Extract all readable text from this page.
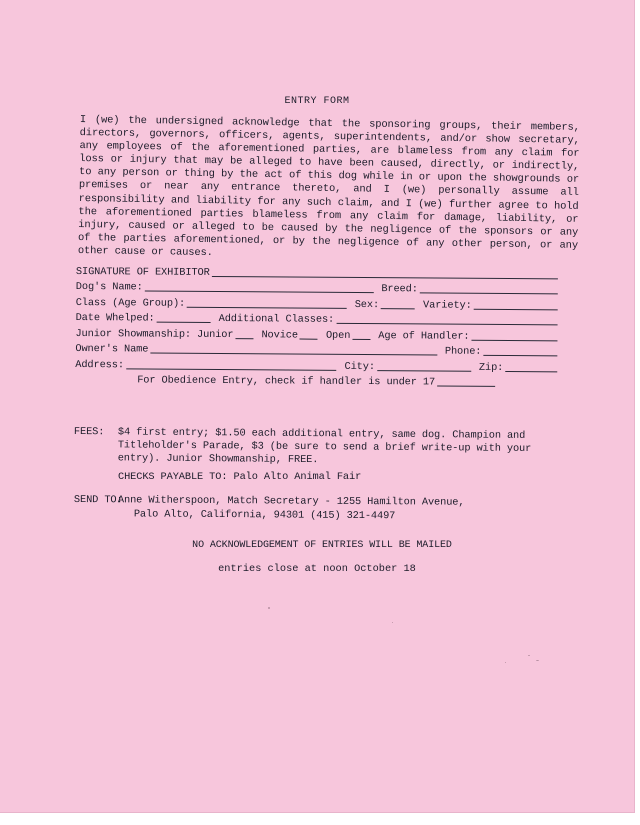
ENTRY FORM
I (we) the undersigned acknowledge that the sponsoring groups, their members, directors, governors, officers, agents, superintendents, and/or show secretary, any employees of the aforementioned parties, are blameless from any claim for loss or injury that may be alleged to have been caused, directly, or indirectly, to any person or thing by the act of this dog while in or upon the showgrounds or premises or near any entrance thereto, and I (we) personally assume all responsibility and liability for any such claim, and I (we) further agree to hold the aforementioned parties blameless from any claim for damage, liability, or injury, caused or alleged to be caused by the negligence of the sponsors or any of the parties aforementioned, or by the negligence of any other person, or any other cause or causes.
SIGNATURE OF EXHIBITOR
Dog's Name:	Breed:
Class (Age Group):	Sex:	Variety:
Date Whelped:	Additional Classes:
Junior Showmanship: Junior	Novice	Open	Age of Handler:
Owner's Name	Phone:
Address:	City:	Zip:
For Obedience Entry, check if handler is under 17
FEES: $4 first entry; $1.50 each additional entry, same dog. Champion and Titleholder's Parade, $3 (be sure to send a brief write-up with your entry). Junior Showmanship, FREE.
CHECKS PAYABLE TO: Palo Alto Animal Fair
SEND TO:
Anne Witherspoon, Match Secretary - 1255 Hamilton Avenue,
Palo Alto, California, 94301 (415) 321-4497
NO ACKNOWLEDGEMENT OF ENTRIES WILL BE MAILED
entries close at noon October 18
